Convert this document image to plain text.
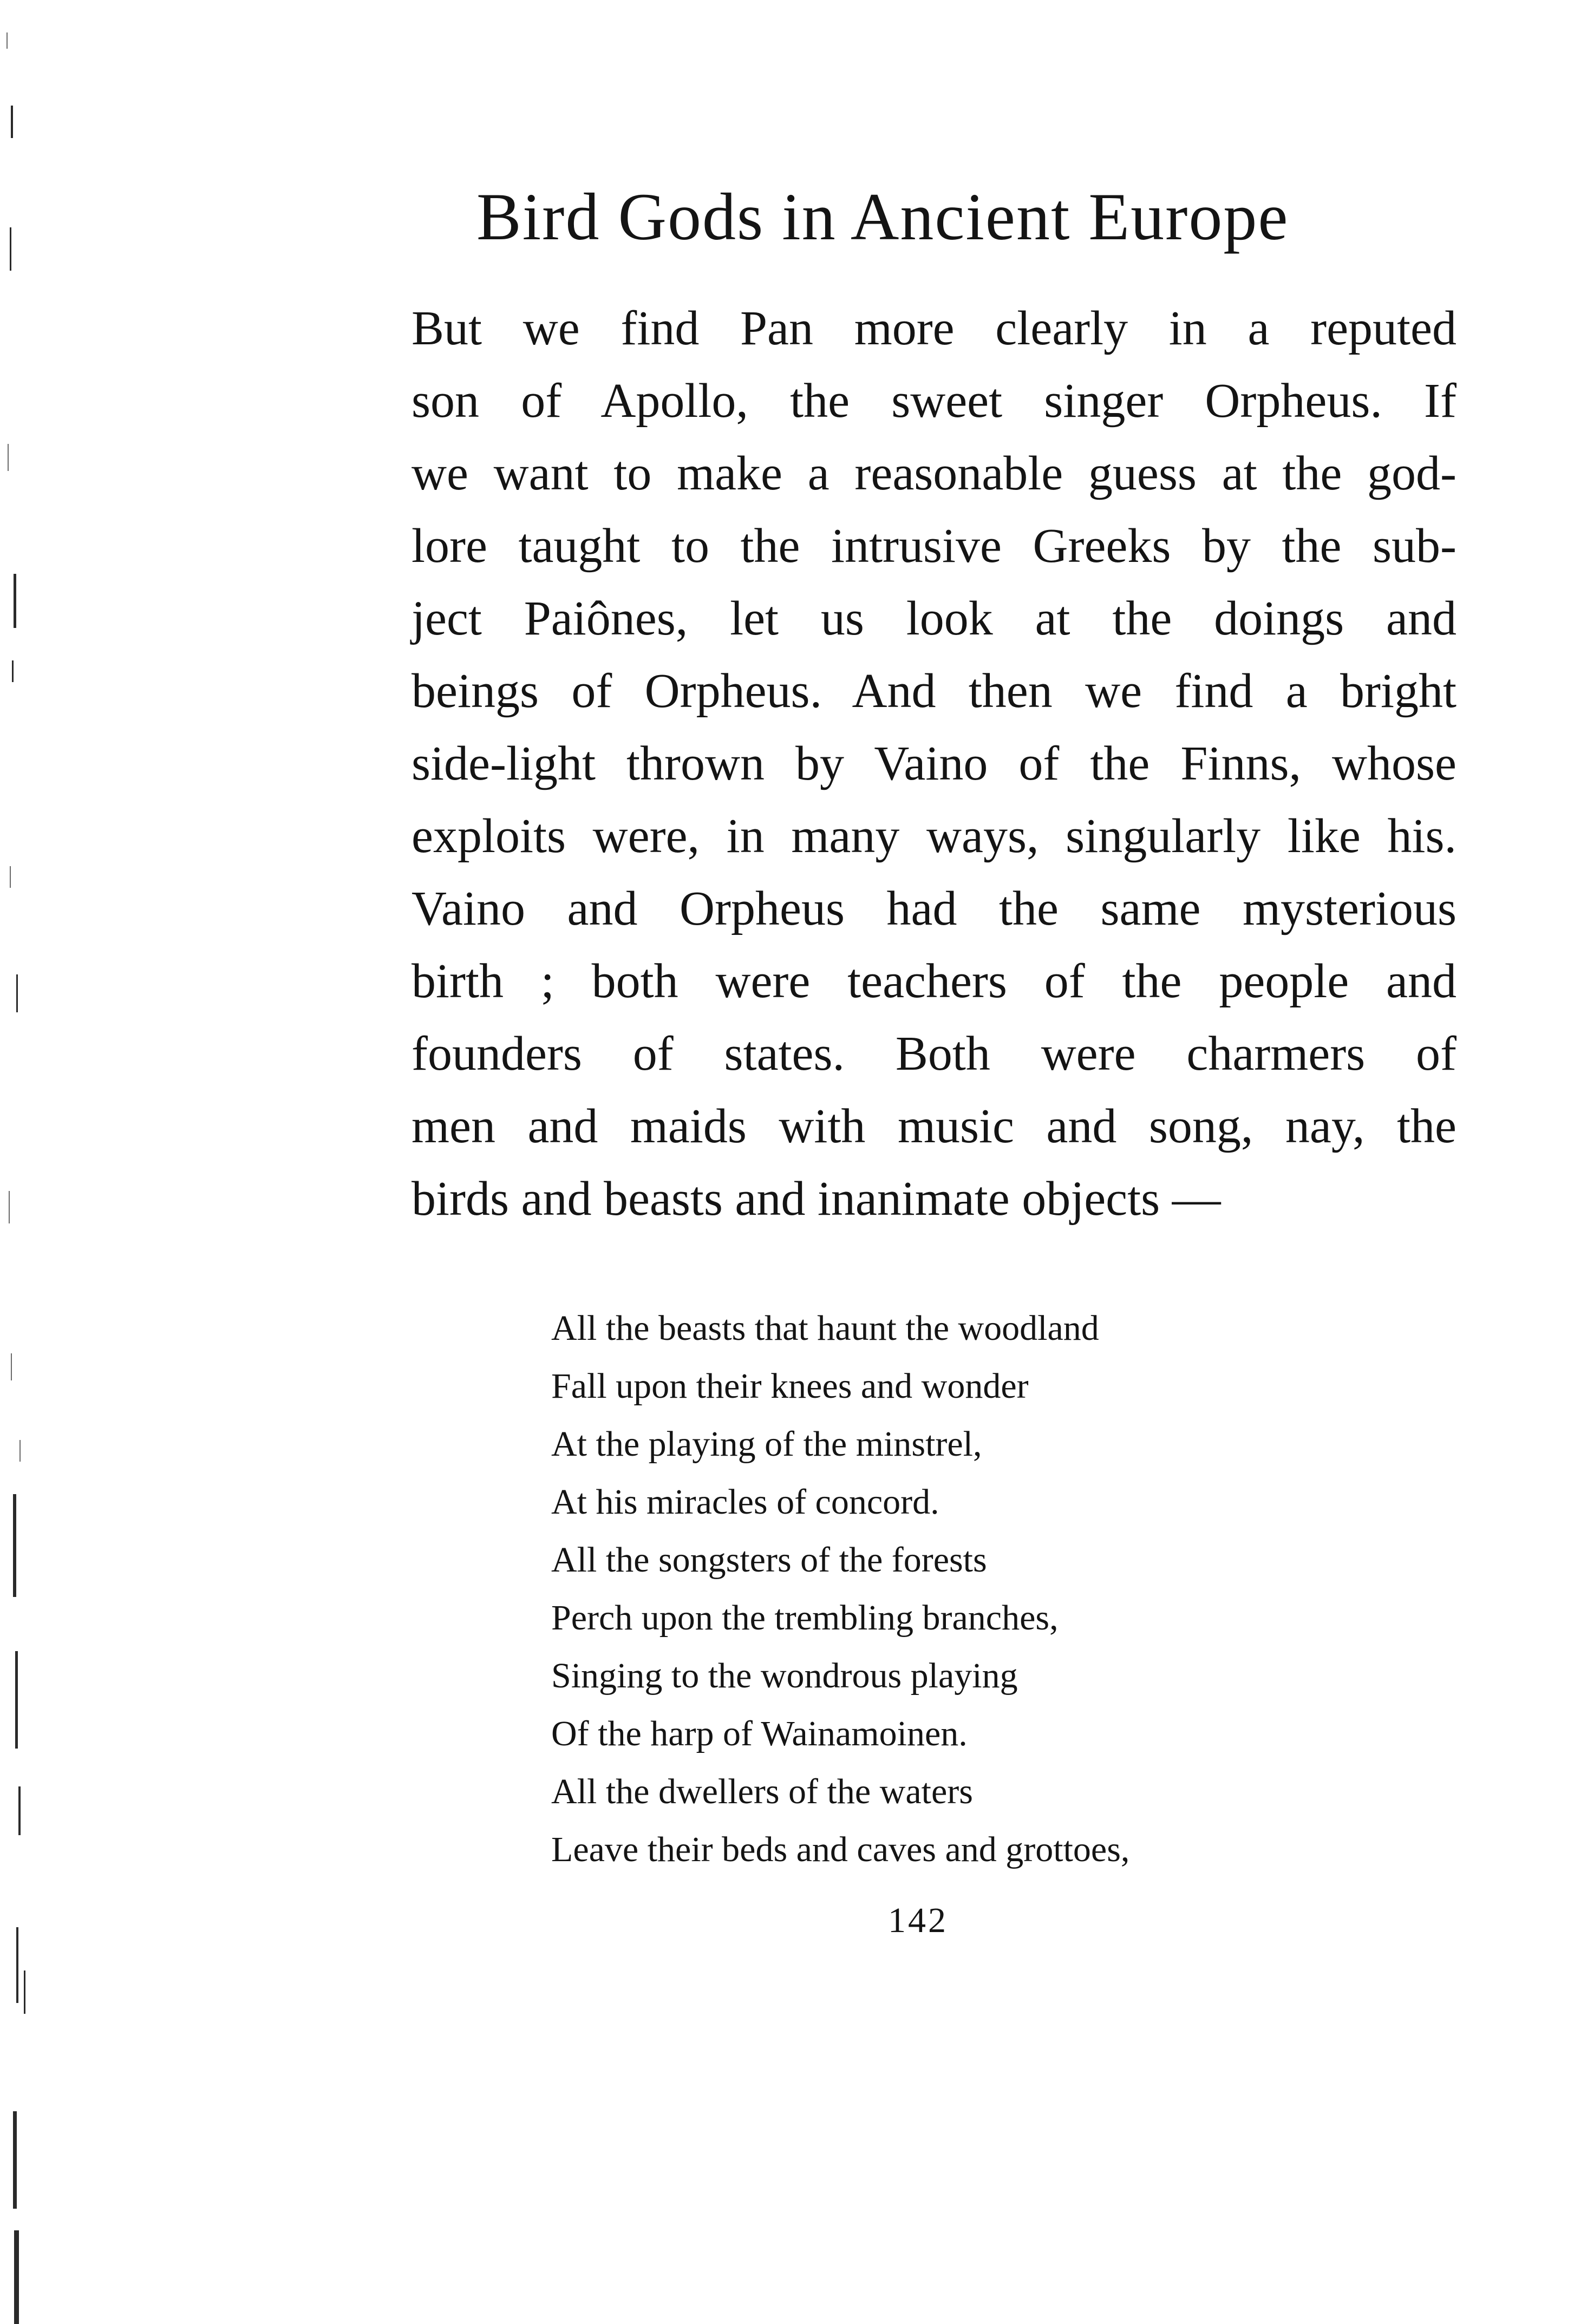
Bird Gods in Ancient Europe
But we find Pan more clearly in a reputed
son of Apollo, the sweet singer Orpheus. If
we want to make a reasonable guess at the god-
lore taught to the intrusive Greeks by the sub-
ject Paiônes, let us look at the doings and
beings of Orpheus. And then we find a bright
side-light thrown by Vaino of the Finns, whose
exploits were, in many ways, singularly like his.
Vaino and Orpheus had the same mysterious
birth ; both were teachers of the people and
founders of states. Both were charmers of
men and maids with music and song, nay, the
birds and beasts and inanimate objects —
All the beasts that haunt the woodland
Fall upon their knees and wonder
At the playing of the minstrel,
At his miracles of concord.
All the songsters of the forests
Perch upon the trembling branches,
Singing to the wondrous playing
Of the harp of Wainamoinen.
All the dwellers of the waters
Leave their beds and caves and grottoes,
142
